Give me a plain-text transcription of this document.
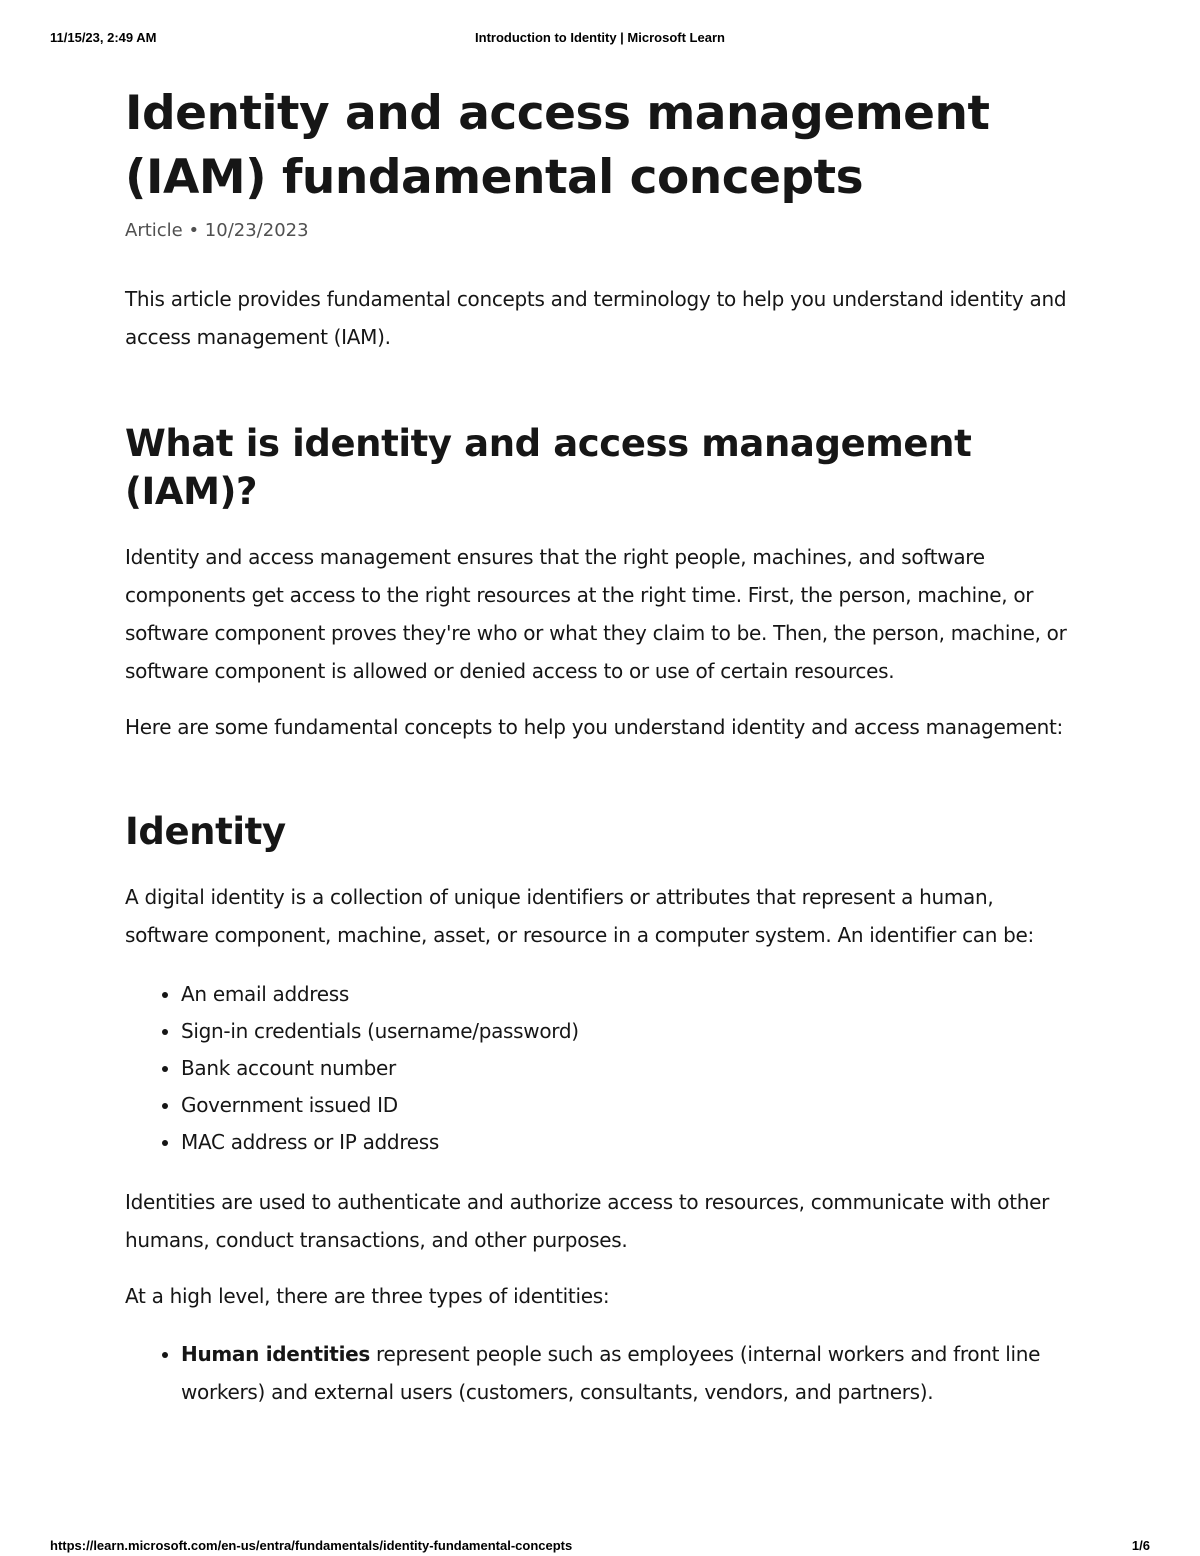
11/15/23, 2:49 AM	Introduction to Identity | Microsoft Learn
Identity and access management (IAM) fundamental concepts
Article • 10/23/2023

This article provides fundamental concepts and terminology to help you understand identity and access management (IAM).

What is identity and access management (IAM)?

Identity and access management ensures that the right people, machines, and software components get access to the right resources at the right time. First, the person, machine, or software component proves they're who or what they claim to be. Then, the person, machine, or software component is allowed or denied access to or use of certain resources.

Here are some fundamental concepts to help you understand identity and access management:

Identity

A digital identity is a collection of unique identifiers or attributes that represent a human, software component, machine, asset, or resource in a computer system. An identifier can be:

• An email address
• Sign-in credentials (username/password)
• Bank account number
• Government issued ID
• MAC address or IP address

Identities are used to authenticate and authorize access to resources, communicate with other humans, conduct transactions, and other purposes.

At a high level, there are three types of identities:

• Human identities represent people such as employees (internal workers and front line workers) and external users (customers, consultants, vendors, and partners).
https://learn.microsoft.com/en-us/entra/fundamentals/identity-fundamental-concepts	1/6
